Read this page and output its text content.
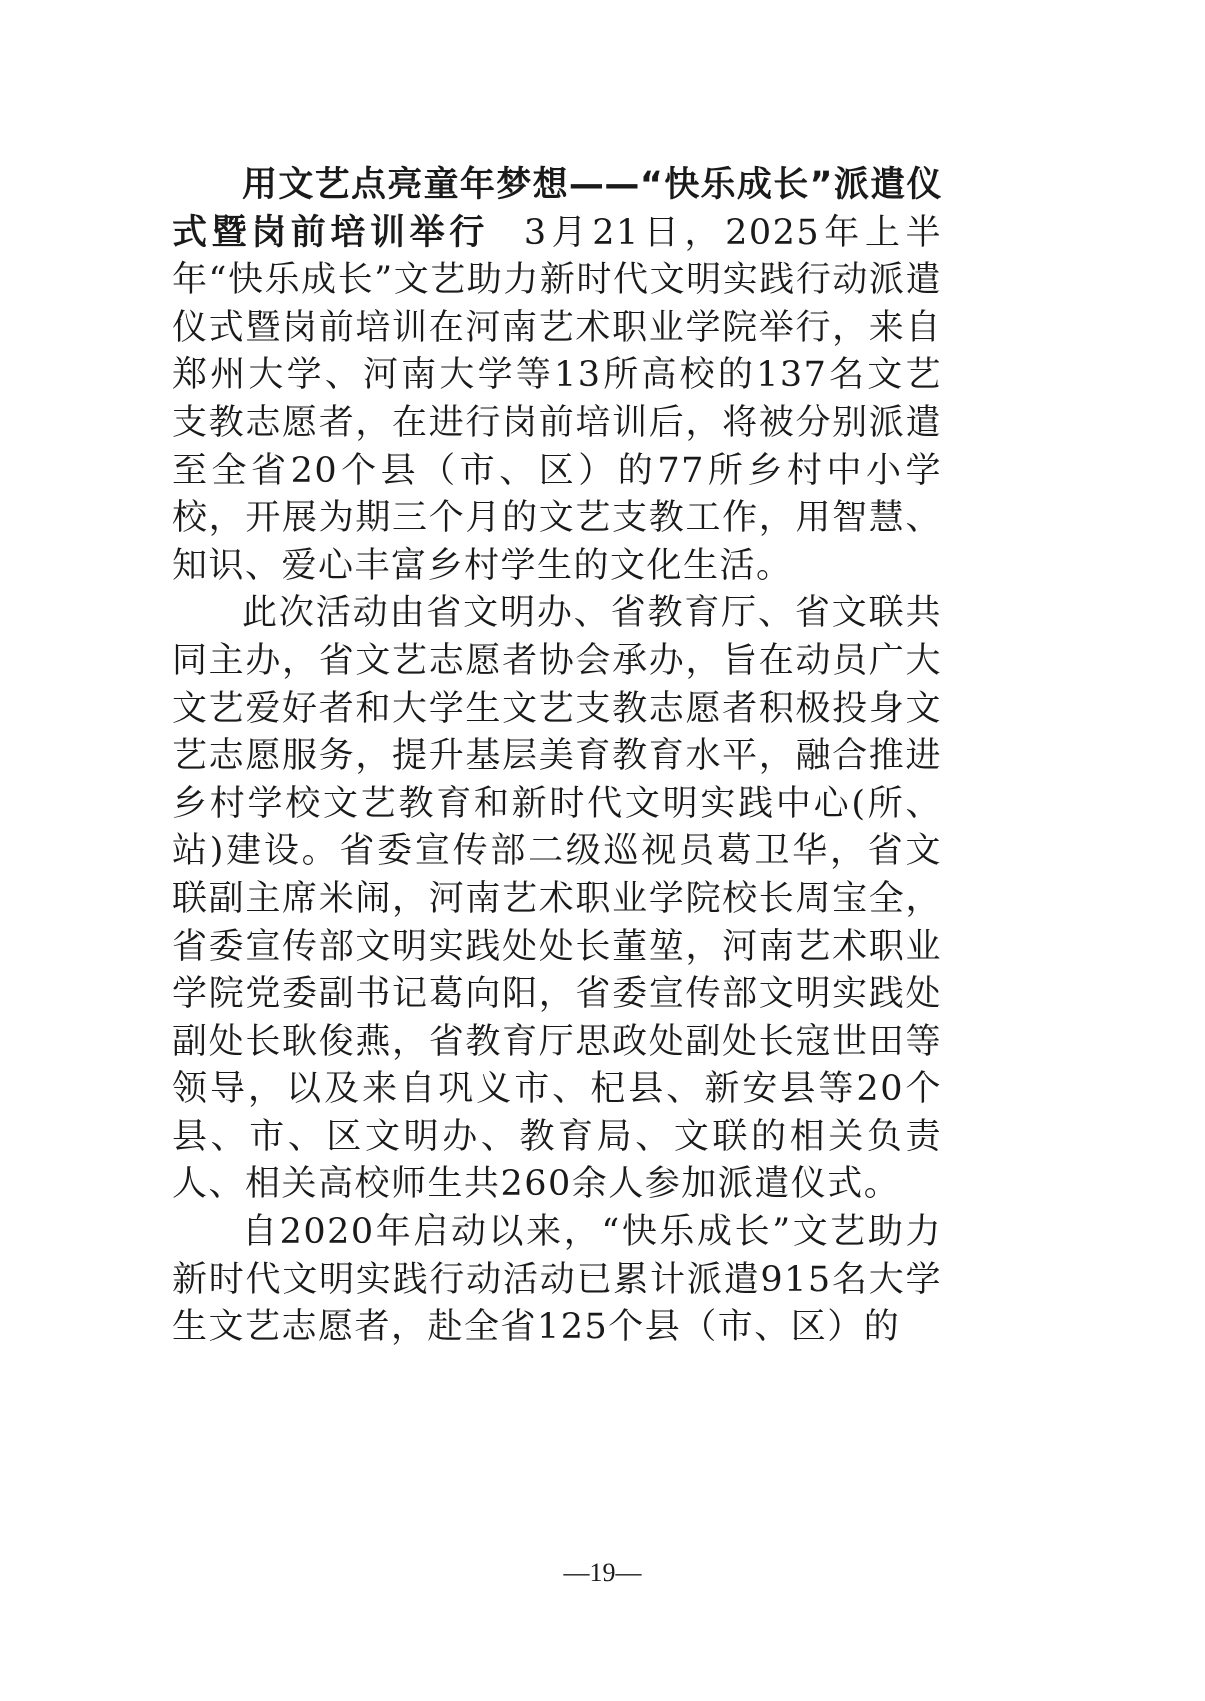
用文艺点亮童年梦想——“快乐成长”派遣仪式暨岗前培训举行 3月21日，2025年上半年“快乐成长”文艺助力新时代文明实践行动派遣仪式暨岗前培训在河南艺术职业学院举行，来自郑州大学、河南大学等13所高校的137名文艺支教志愿者，在进行岗前培训后，将被分别派遣至全省20个县（市、区）的77所乡村中小学校，开展为期三个月的文艺支教工作，用智慧、知识、爱心丰富乡村学生的文化生活。

此次活动由省文明办、省教育厅、省文联共同主办，省文艺志愿者协会承办，旨在动员广大文艺爱好者和大学生文艺支教志愿者积极投身文艺志愿服务，提升基层美育教育水平，融合推进乡村学校文艺教育和新时代文明实践中心(所、站)建设。省委宣传部二级巡视员葛卫华，省文联副主席米闹，河南艺术职业学院校长周宝全，省委宣传部文明实践处处长董堃，河南艺术职业学院党委副书记葛向阳，省委宣传部文明实践处副处长耿俊燕，省教育厅思政处副处长寇世田等领导，以及来自巩义市、杞县、新安县等20个县、市、区文明办、教育局、文联的相关负责人、相关高校师生共260余人参加派遣仪式。

自2020年启动以来，“快乐成长”文艺助力新时代文明实践行动活动已累计派遣915名大学生文艺志愿者，赴全省125个县（市、区）的

—19—
